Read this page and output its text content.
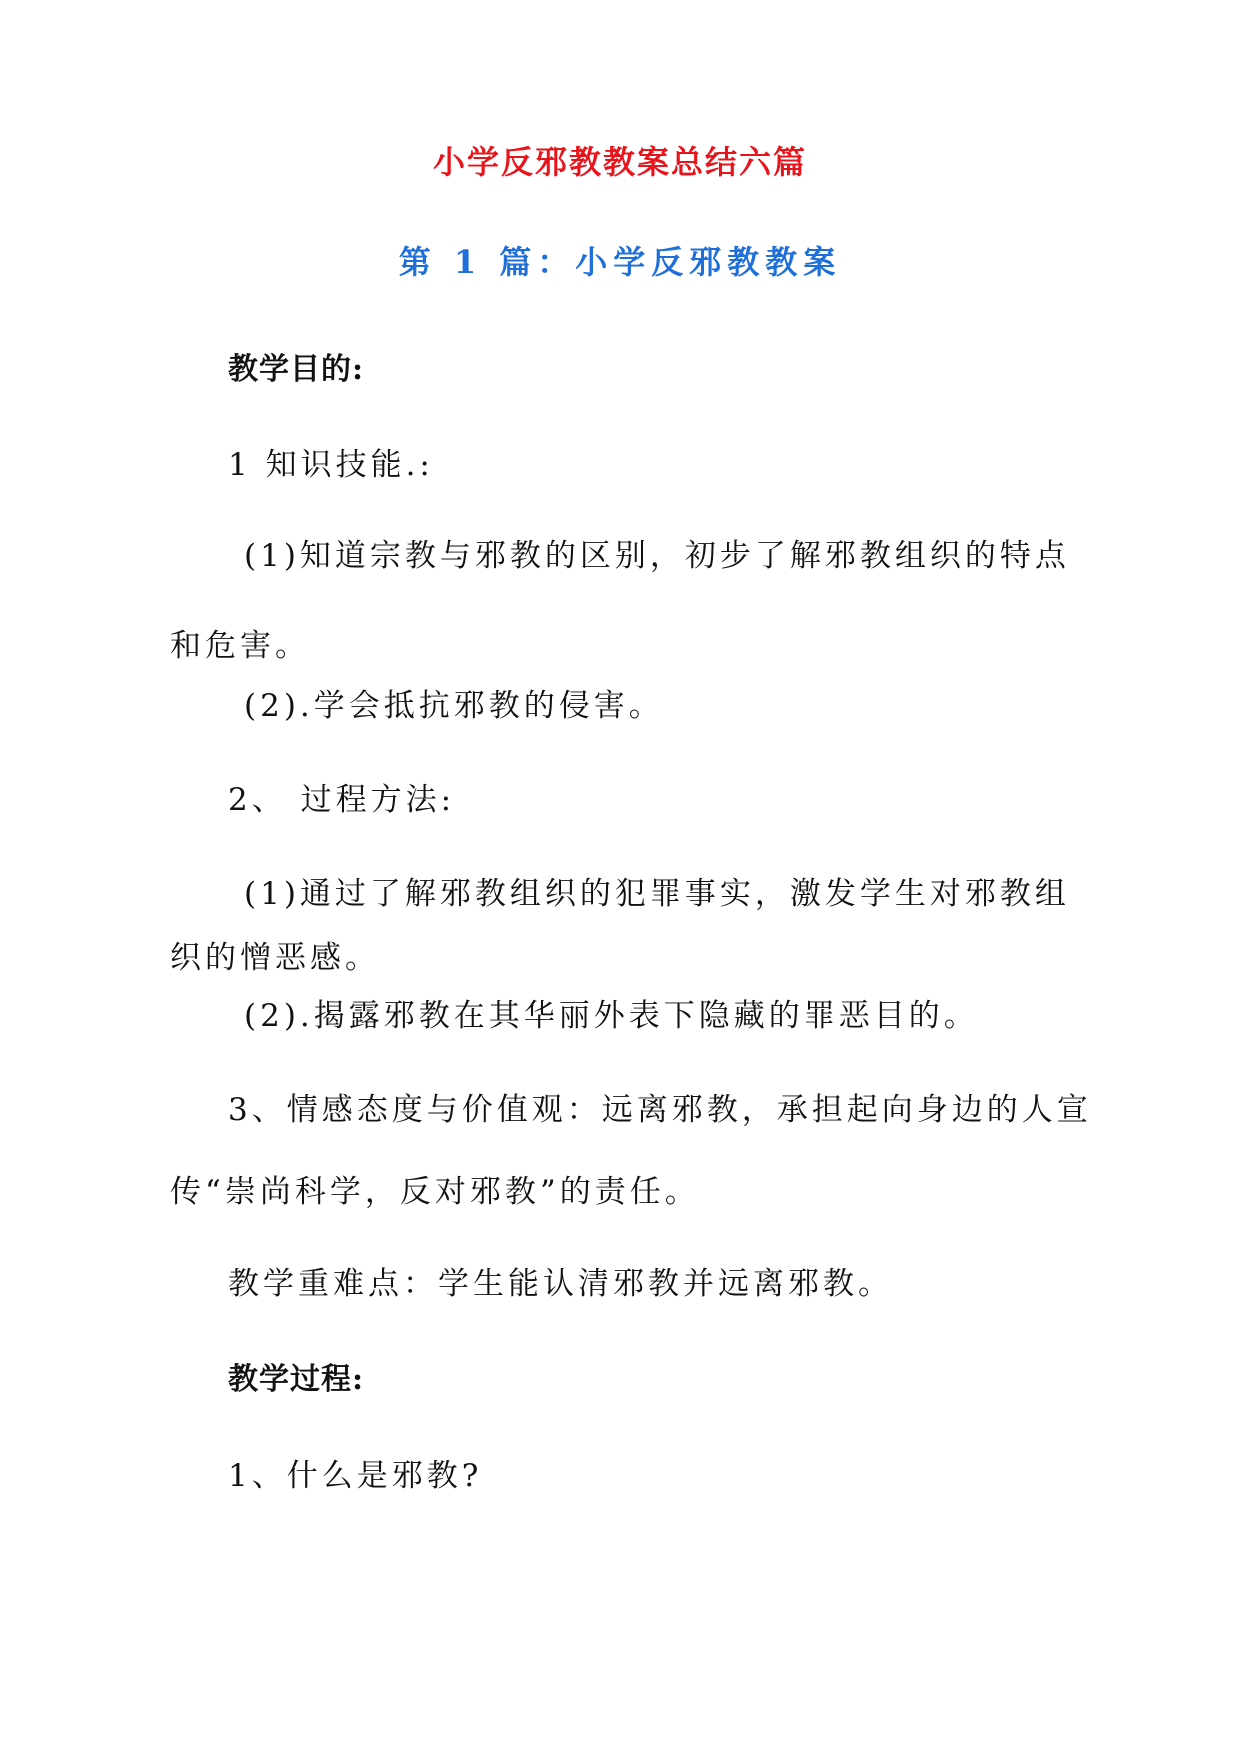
小学反邪教教案总结六篇
第 1 篇：小学反邪教教案
教学目的:
1 知识技能.:
(1)知道宗教与邪教的区别，初步了解邪教组织的特点
和危害。
(2).学会抵抗邪教的侵害。
2、 过程方法:
(1)通过了解邪教组织的犯罪事实，激发学生对邪教组
织的憎恶感。
(2).揭露邪教在其华丽外表下隐藏的罪恶目的。
3、情感态度与价值观：远离邪教，承担起向身边的人宣
传“崇尚科学，反对邪教”的责任。
教学重难点：学生能认清邪教并远离邪教。
教学过程:
1、什么是邪教?
